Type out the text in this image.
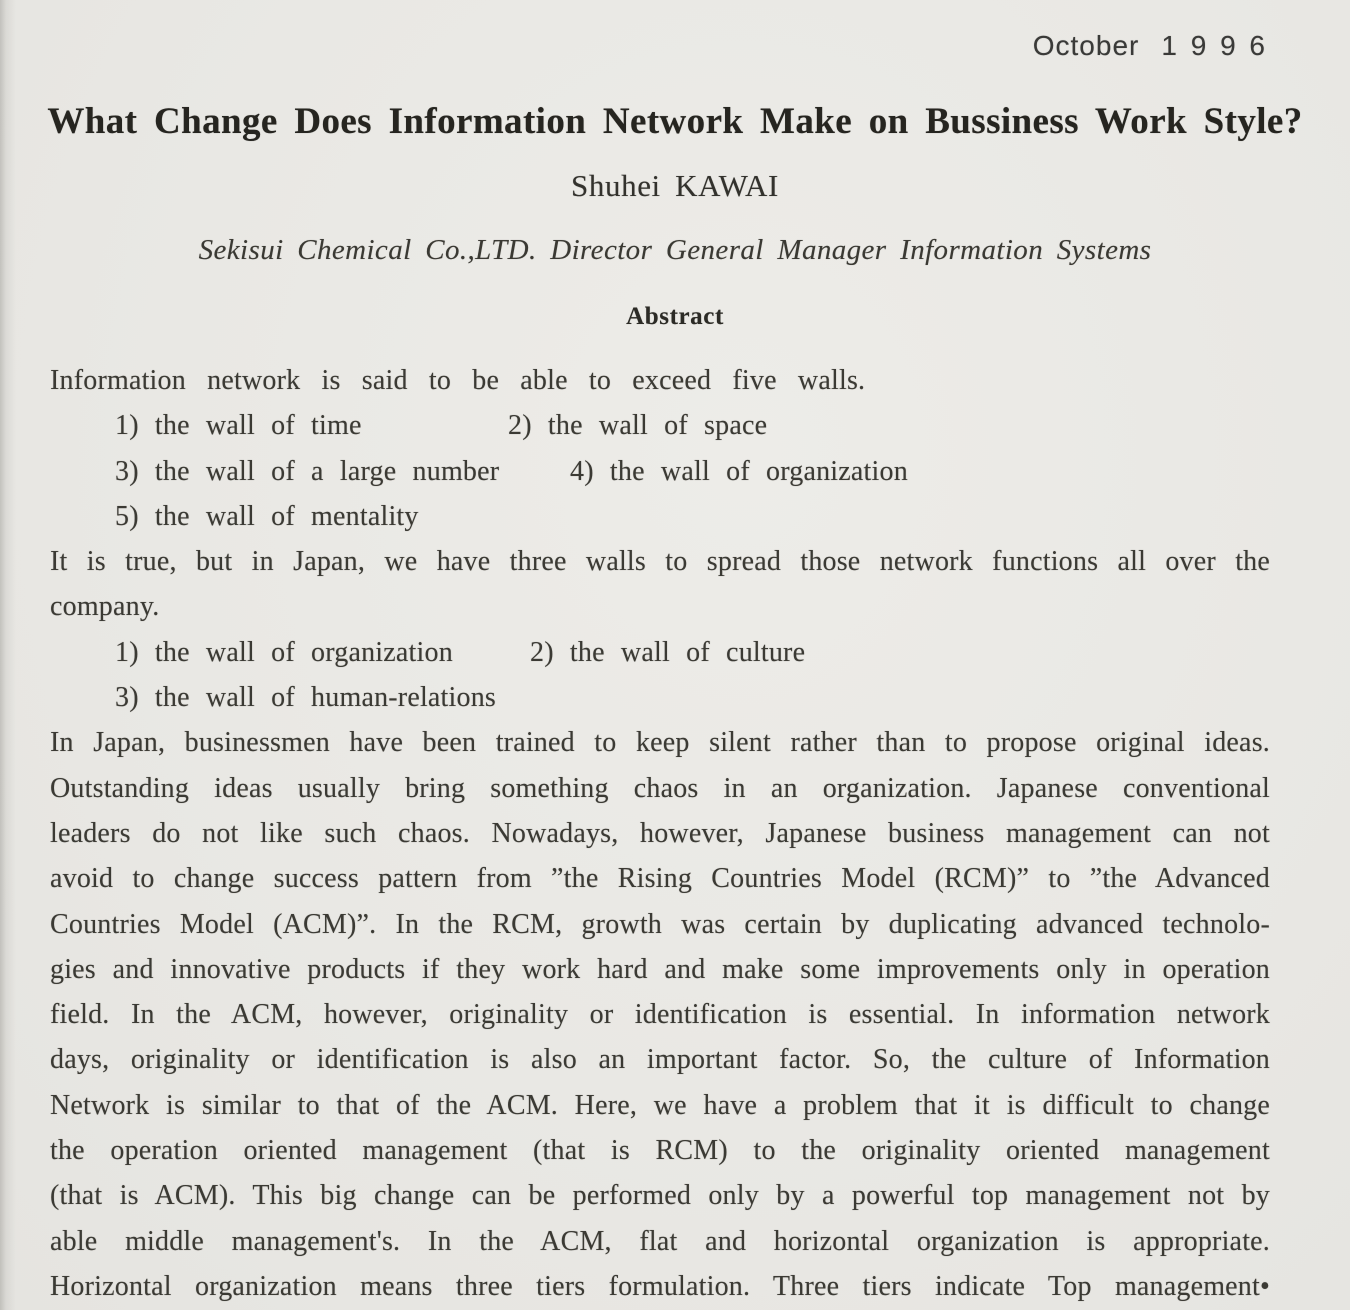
October 1 9 9 6
What Change Does Information Network Make on Bussiness Work Style?
Shuhei KAWAI
Sekisui Chemical Co.,LTD. Director General Manager Information Systems
Abstract
Information network is said to be able to exceed five walls.
1) the wall of time	2) the wall of space
3) the wall of a large number	4) the wall of organization
5) the wall of mentality
It is true, but in Japan, we have three walls to spread those network functions all over the
company.
1) the wall of organization	2) the wall of culture
3) the wall of human-relations
In Japan, businessmen have been trained to keep silent rather than to propose original ideas.
Outstanding ideas usually bring something chaos in an organization. Japanese conventional
leaders do not like such chaos. Nowadays, however, Japanese business management can not
avoid to change success pattern from ”the Rising Countries Model (RCM)” to ”the Advanced
Countries Model (ACM)”. In the RCM, growth was certain by duplicating advanced technolo-
gies and innovative products if they work hard and make some improvements only in operation
field. In the ACM, however, originality or identification is essential. In information network
days, originality or identification is also an important factor. So, the culture of Information
Network is similar to that of the ACM. Here, we have a problem that it is difficult to change
the operation oriented management (that is RCM) to the originality oriented management
(that is ACM). This big change can be performed only by a powerful top management not by
able middle management's. In the ACM, flat and horizontal organization is appropriate.
Horizontal organization means three tiers formulation. Three tiers indicate Top management•
